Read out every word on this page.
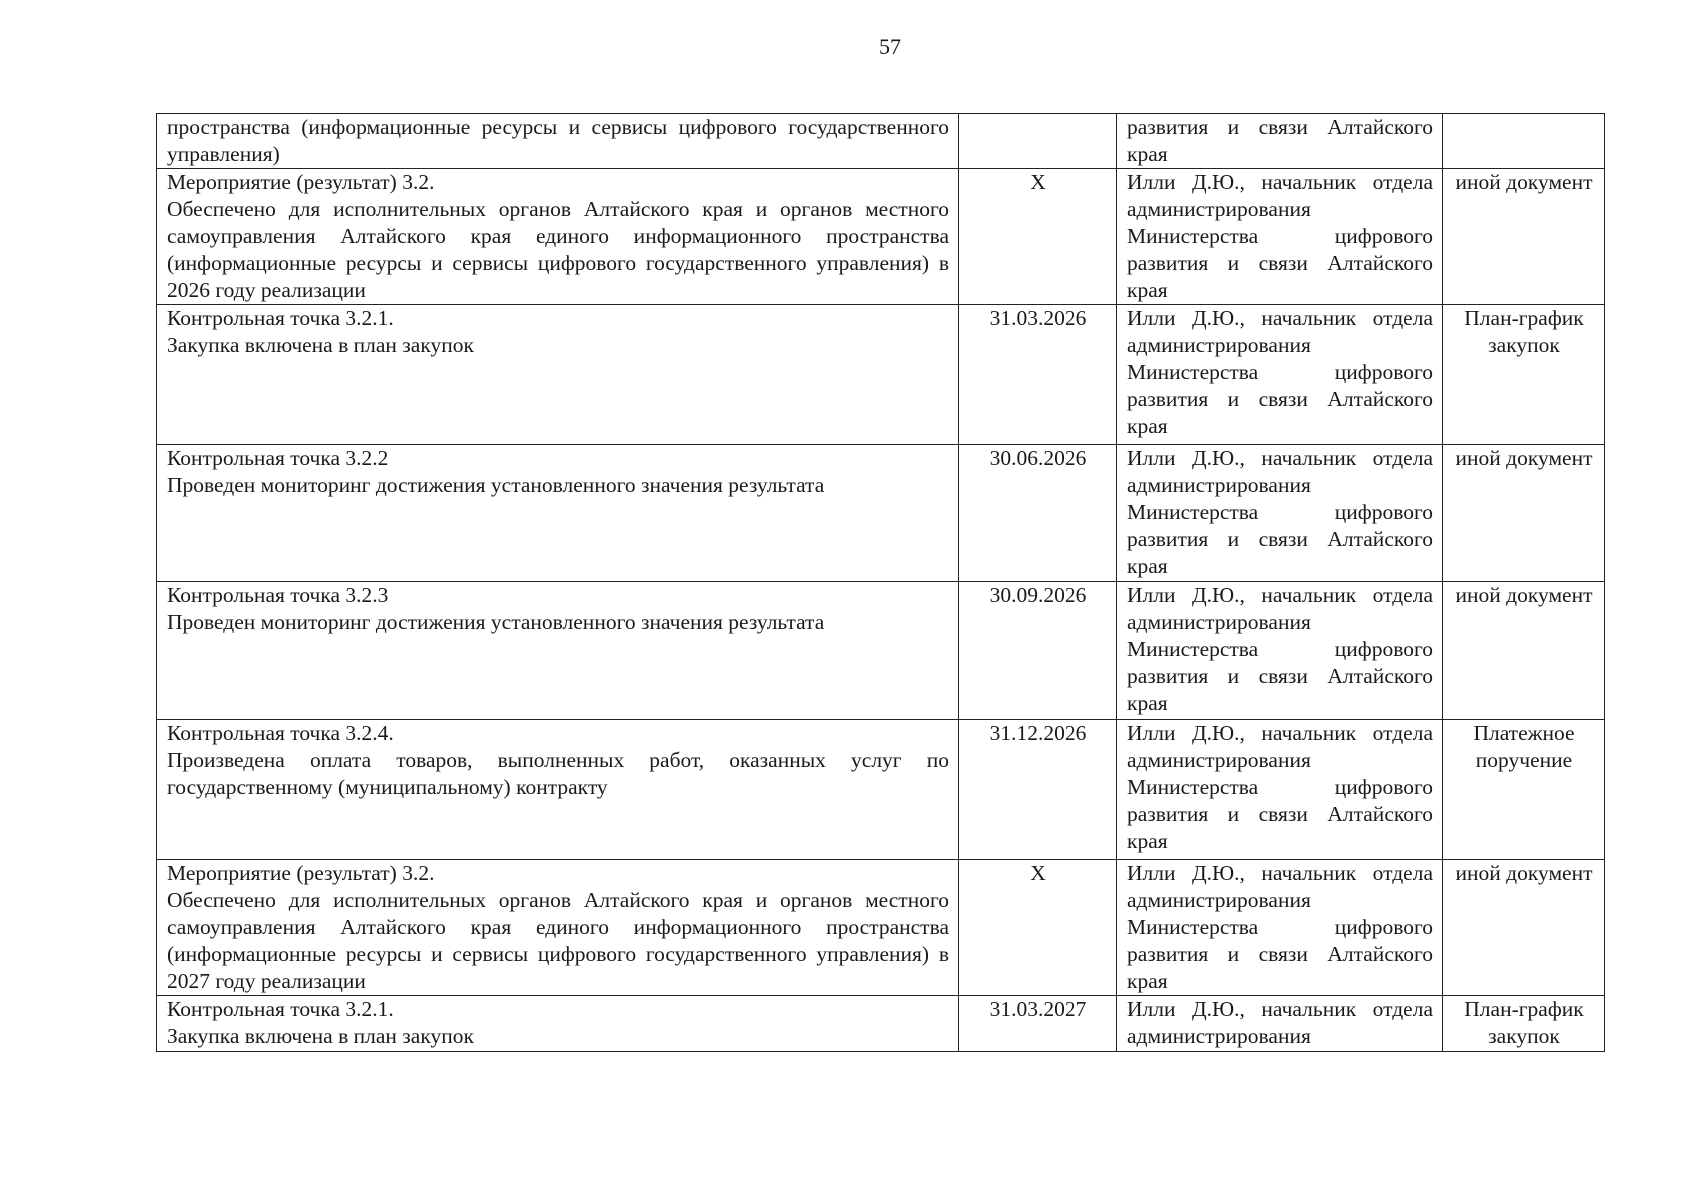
57
пространства (информационные ресурсы и сервисы цифрового государственного управления)		развития и связи Алтайского края	

Мероприятие (результат) 3.2.
Обеспечено для исполнительных органов Алтайского края и органов местного самоуправления Алтайского края единого информационного пространства (информационные ресурсы и сервисы цифрового государственного управления) в 2026 году реализации	Х	Илли Д.Ю., начальник отдела администрирования Министерства цифрового развития и связи Алтайского края	иной документ

Контрольная точка 3.2.1.
Закупка включена в план закупок	31.03.2026	Илли Д.Ю., начальник отдела администрирования Министерства цифрового развития и связи Алтайского края	План-график закупок

Контрольная точка 3.2.2
Проведен мониторинг достижения установленного значения результата	30.06.2026	Илли Д.Ю., начальник отдела администрирования Министерства цифрового развития и связи Алтайского края	иной документ

Контрольная точка 3.2.3
Проведен мониторинг достижения установленного значения результата	30.09.2026	Илли Д.Ю., начальник отдела администрирования Министерства цифрового развития и связи Алтайского края	иной документ

Контрольная точка 3.2.4.
Произведена оплата товаров, выполненных работ, оказанных услуг по государственному (муниципальному) контракту	31.12.2026	Илли Д.Ю., начальник отдела администрирования Министерства цифрового развития и связи Алтайского края	Платежное поручение

Мероприятие (результат) 3.2.
Обеспечено для исполнительных органов Алтайского края и органов местного самоуправления Алтайского края единого информационного пространства (информационные ресурсы и сервисы цифрового государственного управления) в 2027 году реализации	Х	Илли Д.Ю., начальник отдела администрирования Министерства цифрового развития и связи Алтайского края	иной документ

Контрольная точка 3.2.1.
Закупка включена в план закупок	31.03.2027	Илли Д.Ю., начальник отдела администрирования	План-график закупок
